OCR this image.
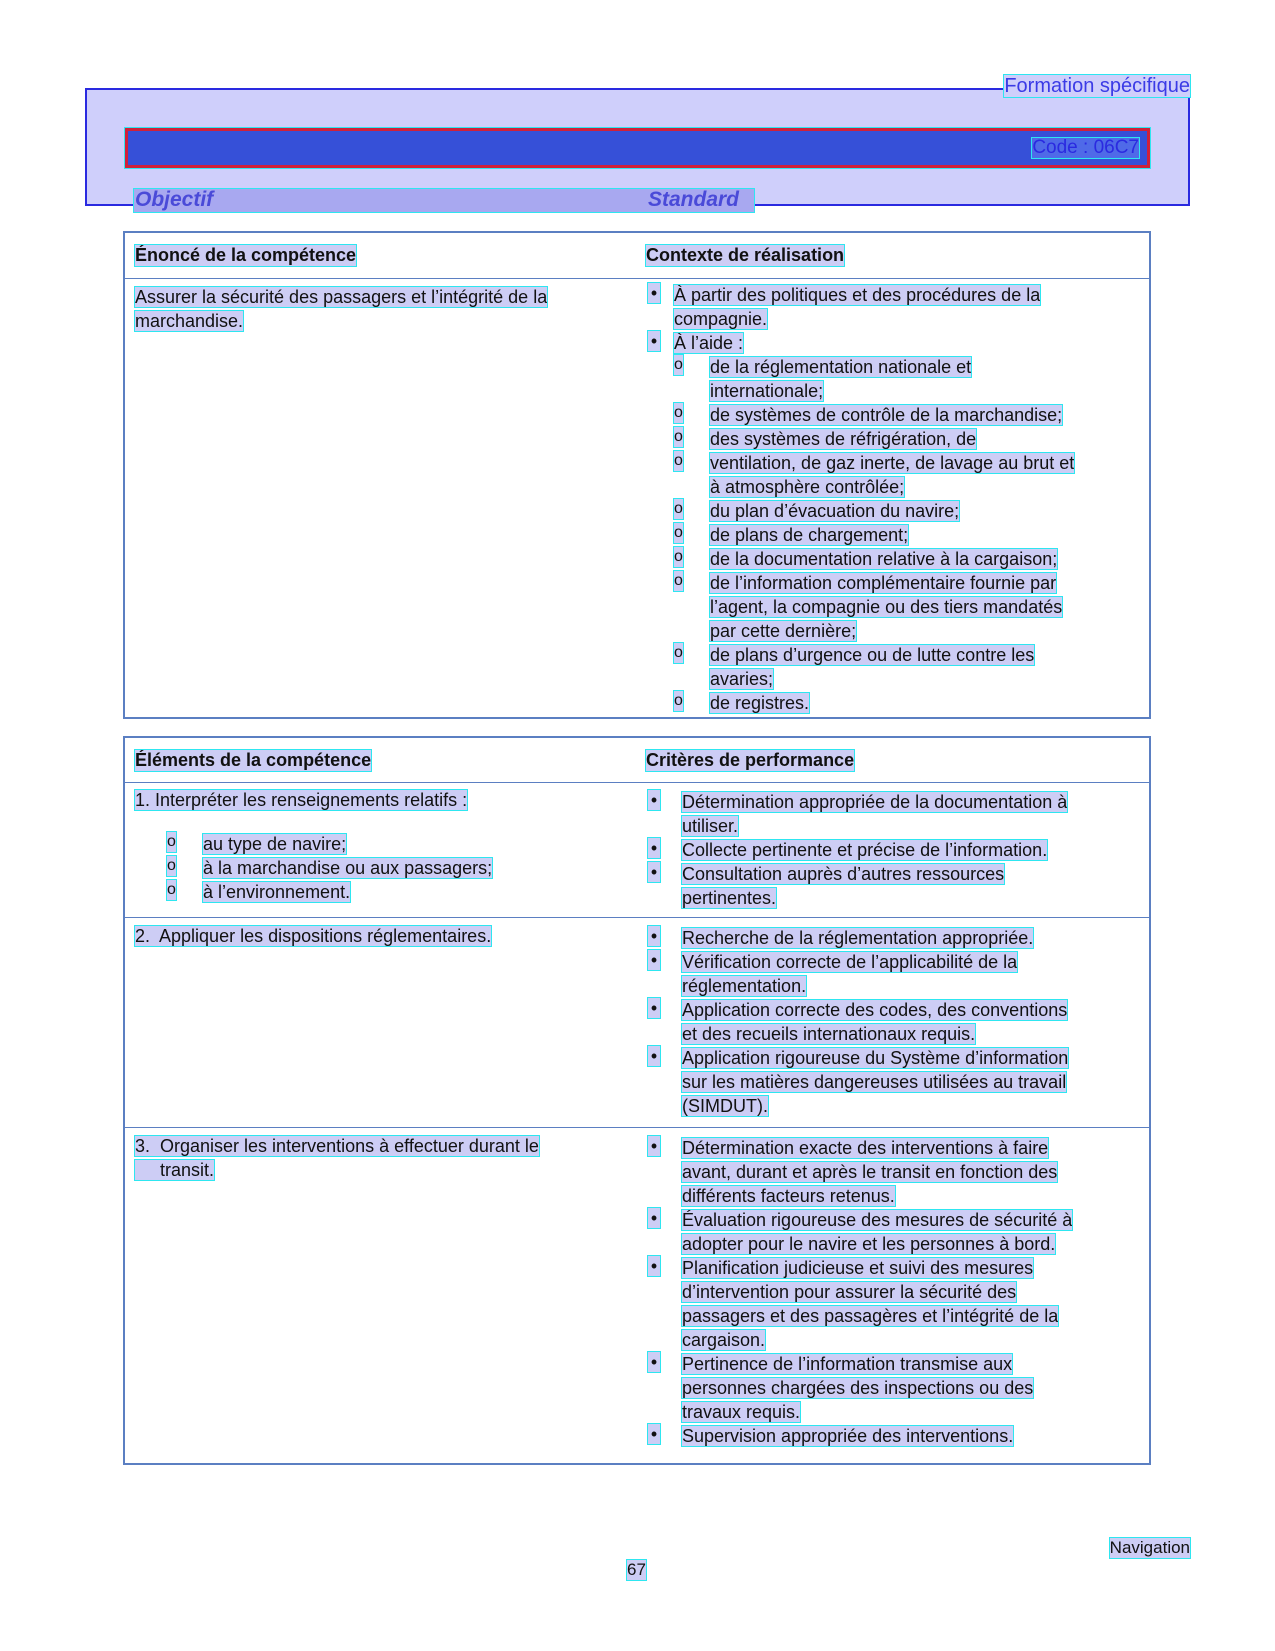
Formation spécifique
Code : 06C7
Objectif	Standard
Énoncé de la compétence	Contexte de réalisation
Assurer la sécurité des passagers et l’intégrité de la
marchandise.
• À partir des politiques et des procédures de la
compagnie.
• À l’aide :
o de la réglementation nationale et
internationale;
o de systèmes de contrôle de la marchandise;
o des systèmes de réfrigération, de
o ventilation, de gaz inerte, de lavage au brut et
à atmosphère contrôlée;
o du plan d’évacuation du navire;
o de plans de chargement;
o de la documentation relative à la cargaison;
o de l’information complémentaire fournie par
l’agent, la compagnie ou des tiers mandatés
par cette dernière;
o de plans d’urgence ou de lutte contre les
avaries;
o de registres.
Éléments de la compétence	Critères de performance
1. Interpréter les renseignements relatifs :
o au type de navire;
o à la marchandise ou aux passagers;
o à l’environnement.
• Détermination appropriée de la documentation à
utiliser.
• Collecte pertinente et précise de l’information.
• Consultation auprès d’autres ressources
pertinentes.
2.  Appliquer les dispositions réglementaires.
•	Recherche de la réglementation appropriée.
• Vérification correcte de l’applicabilité de la
réglementation.
• Application correcte des codes, des conventions
et des recueils internationaux requis.
• Application rigoureuse du Système d’information
sur les matières dangereuses utilisées au travail
(SIMDUT).
3.  Organiser les interventions à effectuer durant le
transit.
• Détermination exacte des interventions à faire
avant, durant et après le transit en fonction des
différents facteurs retenus.
• Évaluation rigoureuse des mesures de sécurité à
adopter pour le navire et les personnes à bord.
• Planification judicieuse et suivi des mesures
d’intervention pour assurer la sécurité des
passagers et des passagères et l’intégrité de la
cargaison.
• Pertinence de l’information transmise aux
personnes chargées des inspections ou des
travaux requis.
• Supervision appropriée des interventions.
Navigation
67
